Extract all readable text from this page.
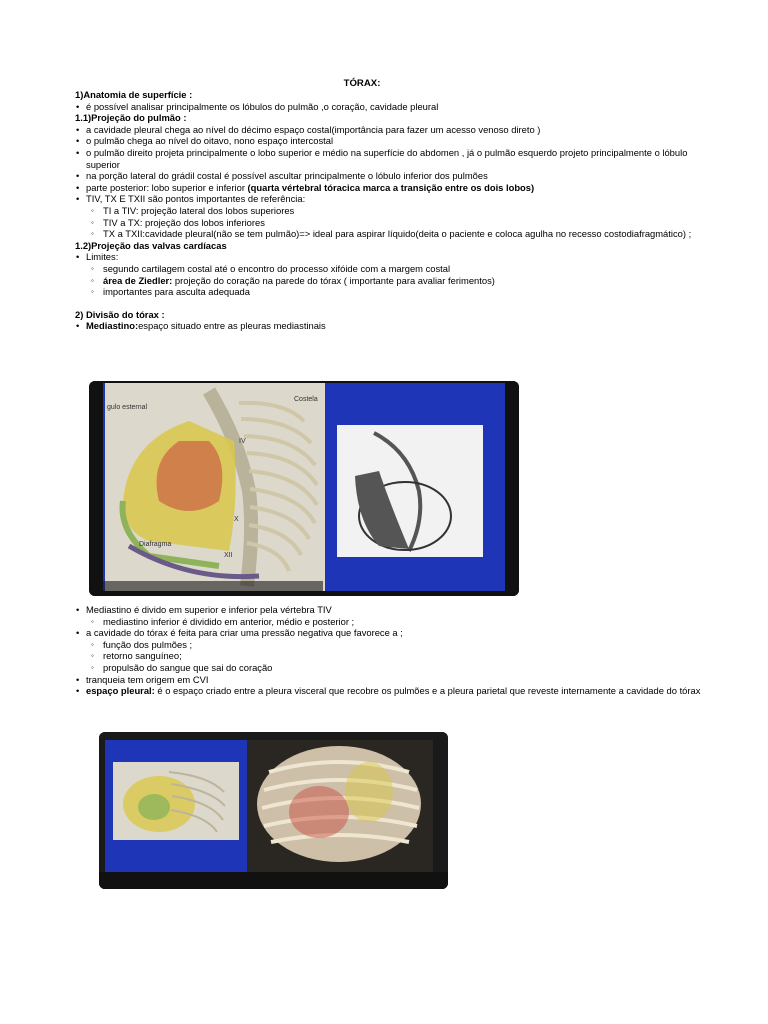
TÓRAX:
1)Anatomia de superfície :
• é possível analisar principalmente os lóbulos do pulmão ,o coração, cavidade pleural
1.1)Projeção do pulmão :
• a cavidade pleural chega ao nível do décimo espaço costal(importância para fazer um acesso venoso direto )
• o pulmão chega ao nível do oitavo, nono espaço intercostal
• o pulmão direito projeta principalmente o lobo superior e médio na superfície do abdomen , já o pulmão esquerdo projeto principalmente o lóbulo superior
• na porção lateral do grádil costal é possível ascultar principalmente o lóbulo inferior dos pulmões
• parte posterior: lobo superior e inferior (quarta vértebral tóracica marca a transição entre os dois lobos)
• TIV, TX E TXII são pontos importantes de referência:
◦ TI a TIV: projeção lateral dos lobos superiores
◦ TIV a TX: projeção dos lobos inferiores
◦ TX a TXII:cavidade pleural(não se tem pulmão)=> ideal para aspirar líquido(deita o paciente e coloca agulha no recesso costodiafragmático) ;
1.2)Projeção das valvas cardíacas
• Limites:
◦ segundo cartilagem costal até o encontro do processo xifóide com a margem costal
◦ área de Ziedler: projeção do coração na parede do tórax ( importante para avaliar ferimentos)
◦ importantes para asculta adequada
2) Divisão do tórax :
• Mediastino:espaço situado entre as pleuras mediastinais
gulo esternal
Costela
Diafragma
IV
X
XII
• Mediastino é divido em superior e inferior pela vértebra TIV
◦ mediastino inferior é dividido em anterior, médio e posterior ;
• a cavidade do tórax é feita para criar uma pressão negativa que favorece a ;
◦ função dos pulmões ;
◦ retorno sanguíneo;
◦ propulsão do sangue que sai do coração
• tranqueia tem origem em CVI
• espaço pleural: é o espaço criado entre a pleura visceral que recobre os pulmões e a pleura parietal que reveste internamente a cavidade do tórax
